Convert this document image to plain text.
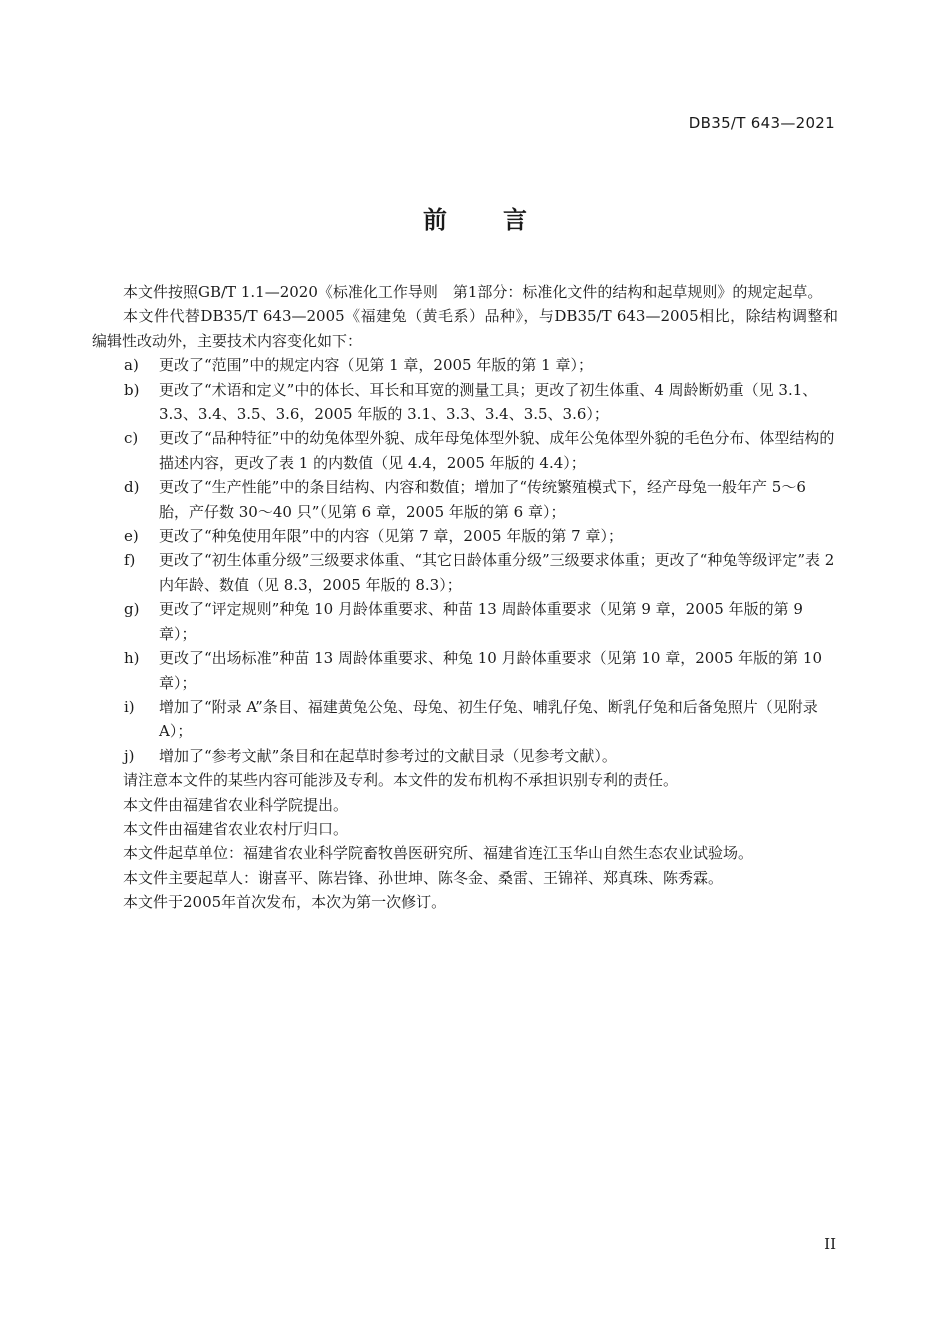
DB35/T 643—2021
前言

本文件按照GB/T 1.1—2020《标准化工作导则　第1部分：标准化文件的结构和起草规则》的规定起草。

本文件代替DB35/T 643—2005《福建兔（黄毛系）品种》，与DB35/T 643—2005相比，除结构调整和编辑性改动外，主要技术内容变化如下：

a) 更改了“范围”中的规定内容（见第 1 章，2005 年版的第 1 章）；
b) 更改了“术语和定义”中的体长、耳长和耳宽的测量工具；更改了初生体重、4 周龄断奶重（见 3.1、3.3、3.4、3.5、3.6，2005 年版的 3.1、3.3、3.4、3.5、3.6）；
c) 更改了“品种特征”中的幼兔体型外貌、成年母兔体型外貌、成年公兔体型外貌的毛色分布、体型结构的描述内容，更改了表 1 的内数值（见 4.4，2005 年版的 4.4）；
d) 更改了“生产性能”中的条目结构、内容和数值；增加了“传统繁殖模式下，经产母兔一般年产 5～6 胎，产仔数 30～40 只”（见第 6 章，2005 年版的第 6 章）；
e) 更改了“种兔使用年限”中的内容（见第 7 章，2005 年版的第 7 章）；
f) 更改了“初生体重分级”三级要求体重、“其它日龄体重分级”三级要求体重；更改了“种兔等级评定”表 2 内年龄、数值（见 8.3，2005 年版的 8.3）；
g) 更改了“评定规则”种兔 10 月龄体重要求、种苗 13 周龄体重要求（见第 9 章，2005 年版的第 9 章）；
h) 更改了“出场标准”种苗 13 周龄体重要求、种兔 10 月龄体重要求（见第 10 章，2005 年版的第 10 章）；
i) 增加了“附录 A”条目、福建黄兔公兔、母兔、初生仔兔、哺乳仔兔、断乳仔兔和后备兔照片（见附录 A）；
j) 增加了“参考文献”条目和在起草时参考过的文献目录（见参考文献）。

请注意本文件的某些内容可能涉及专利。本文件的发布机构不承担识别专利的责任。

本文件由福建省农业科学院提出。

本文件由福建省农业农村厅归口。

本文件起草单位：福建省农业科学院畜牧兽医研究所、福建省连江玉华山自然生态农业试验场。

本文件主要起草人：谢喜平、陈岩锋、孙世坤、陈冬金、桑雷、王锦祥、郑真珠、陈秀霖。

本文件于2005年首次发布，本次为第一次修订。

II
